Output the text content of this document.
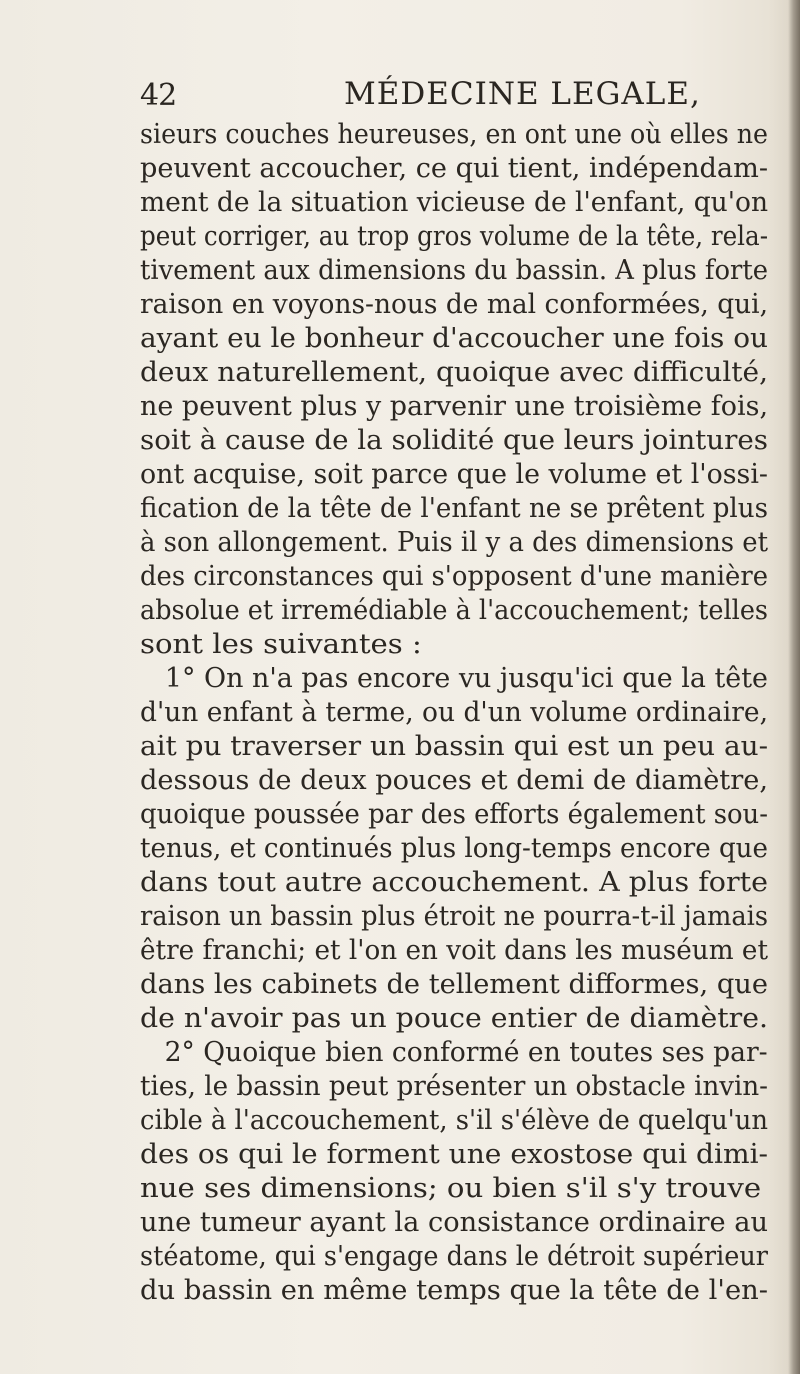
42	MÉDECINE LEGALE,
sieurs couches heureuses, en ont une où elles ne
peuvent accoucher, ce qui tient, indépendam-
ment de la situation vicieuse de l'enfant, qu'on
peut corriger, au trop gros volume de la tête, rela-
tivement aux dimensions du bassin. A plus forte
raison en voyons-nous de mal conformées, qui,
ayant eu le bonheur d'accoucher une fois ou
deux naturellement, quoique avec difficulté,
ne peuvent plus y parvenir une troisième fois,
soit à cause de la solidité que leurs jointures
ont acquise, soit parce que le volume et l'ossi-
fication de la tête de l'enfant ne se prêtent plus
à son allongement. Puis il y a des dimensions et
des circonstances qui s'opposent d'une manière
absolue et irremédiable à l'accouchement; telles
sont les suivantes :
1° On n'a pas encore vu jusqu'ici que la tête
d'un enfant à terme, ou d'un volume ordinaire,
ait pu traverser un bassin qui est un peu au-
dessous de deux pouces et demi de diamètre,
quoique poussée par des efforts également sou-
tenus, et continués plus long-temps encore que
dans tout autre accouchement. A plus forte
raison un bassin plus étroit ne pourra-t-il jamais
être franchi; et l'on en voit dans les muséum et
dans les cabinets de tellement difformes, que
de n'avoir pas un pouce entier de diamètre.
2° Quoique bien conformé en toutes ses par-
ties, le bassin peut présenter un obstacle invin-
cible à l'accouchement, s'il s'élève de quelqu'un
des os qui le forment une exostose qui dimi-
nue ses dimensions; ou bien s'il s'y trouve
une tumeur ayant la consistance ordinaire au
stéatome, qui s'engage dans le détroit supérieur
du bassin en même temps que la tête de l'en-
